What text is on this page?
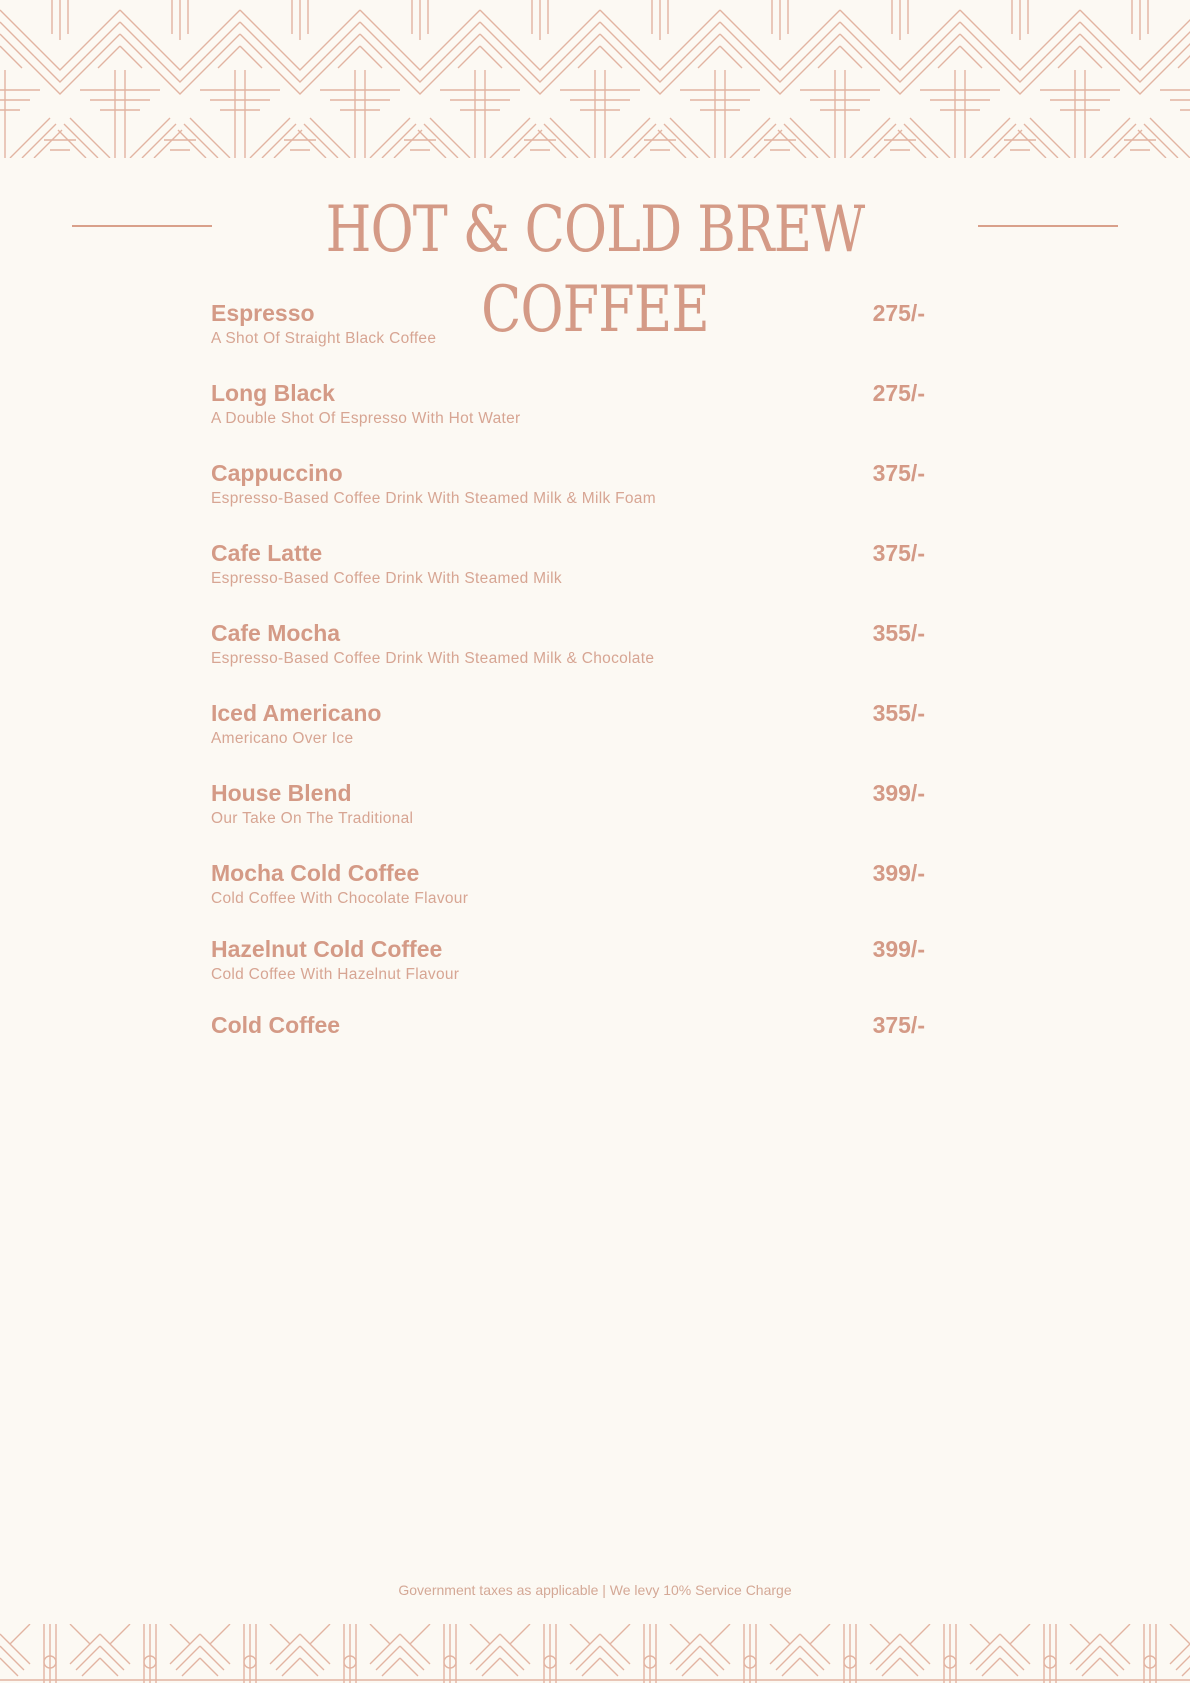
HOT & COLD BREW COFFEE
Espresso	275/-
A Shot Of Straight Black Coffee
Long Black	275/-
A Double Shot Of Espresso With Hot Water
Cappuccino	375/-
Espresso-Based Coffee Drink With Steamed Milk & Milk Foam
Cafe Latte	375/-
Espresso-Based Coffee Drink With Steamed Milk
Cafe Mocha	355/-
Espresso-Based Coffee Drink With Steamed Milk & Chocolate
Iced Americano	355/-
Americano Over Ice
House Blend	399/-
Our Take On The Traditional
Mocha Cold Coffee	399/-
Cold Coffee With Chocolate Flavour
Hazelnut Cold Coffee	399/-
Cold Coffee With Hazelnut Flavour
Cold Coffee	375/-
Government taxes as applicable | We levy 10% Service Charge
